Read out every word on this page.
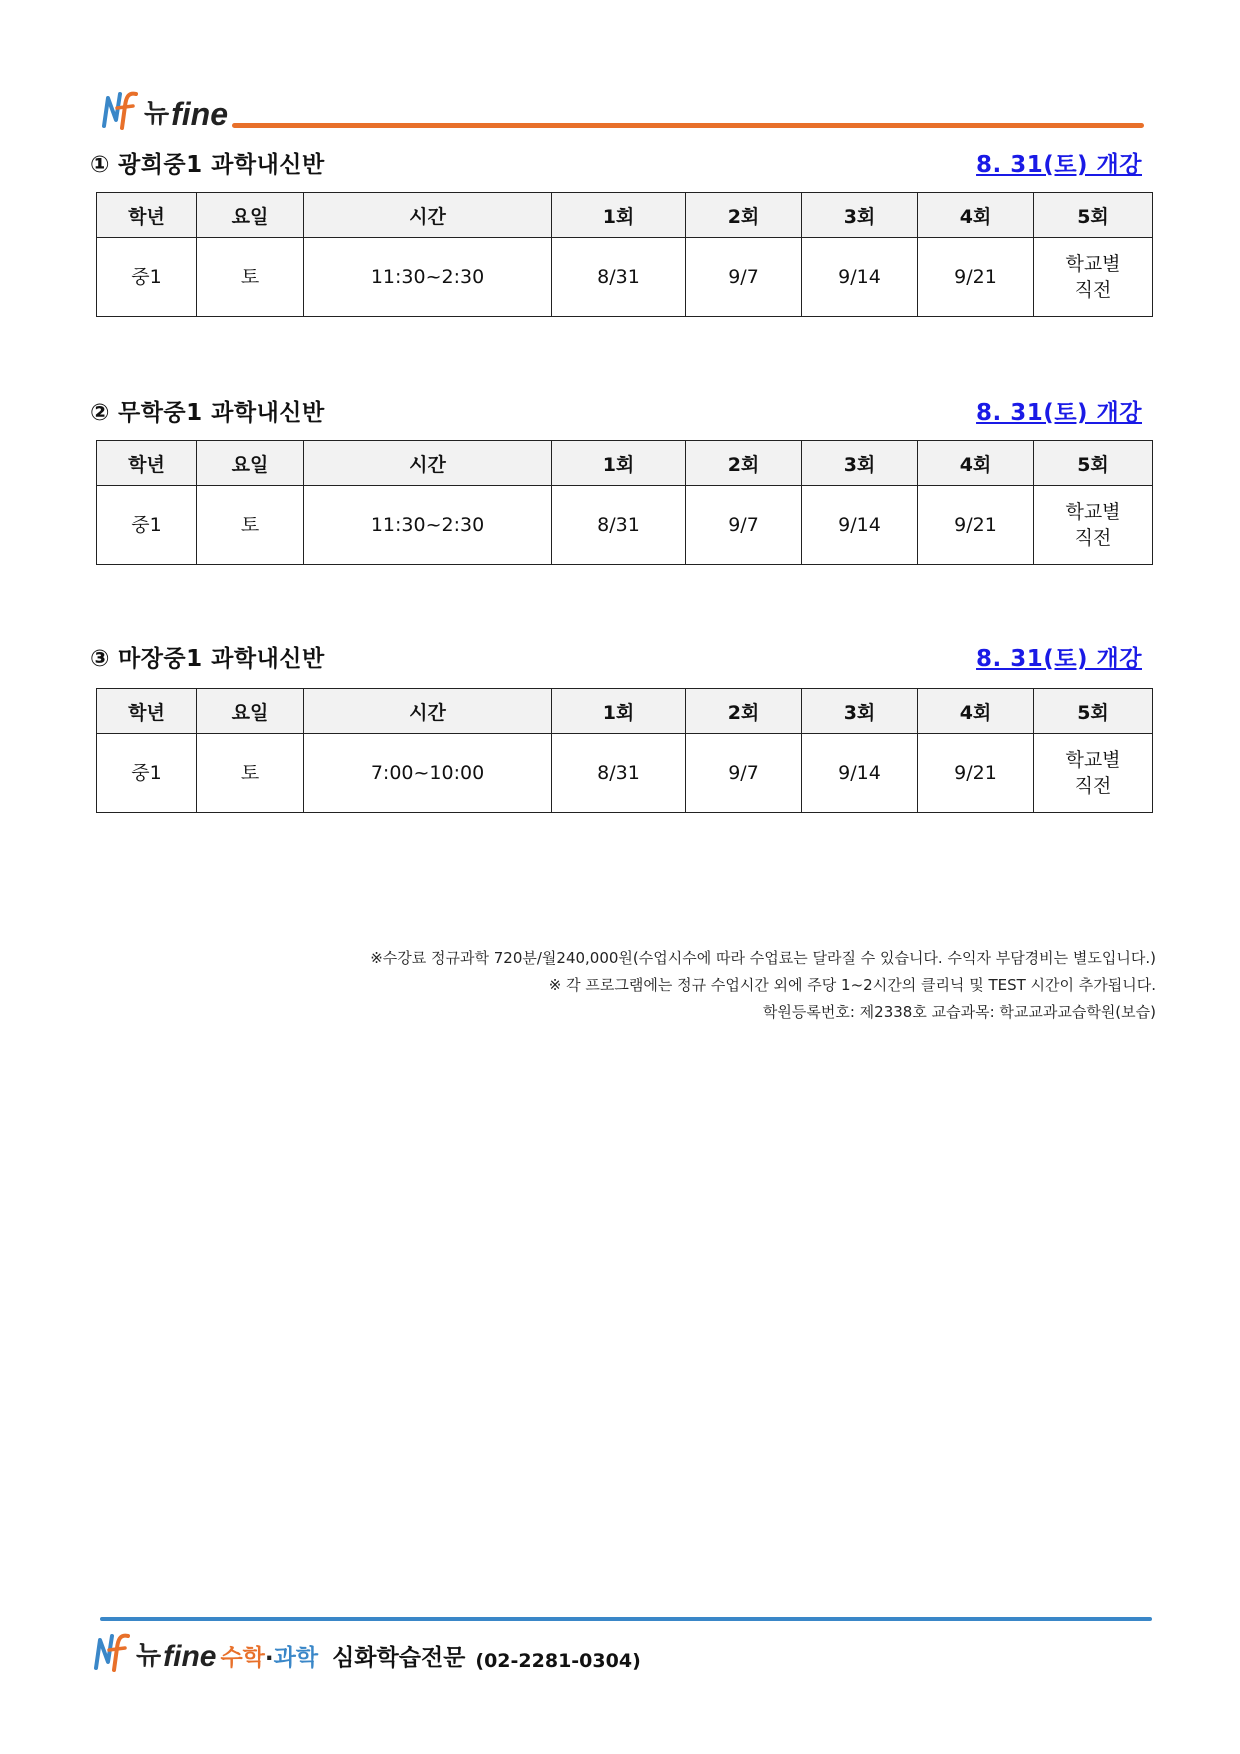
뉴 fine
① 광희중1 과학내신반	8. 31(토) 개강
학년	요일	시간	1회	2회	3회	4회	5회
중1	토	11:30~2:30	8/31	9/7	9/14	9/21	학교별
직전
② 무학중1 과학내신반	8. 31(토) 개강
학년	요일	시간	1회	2회	3회	4회	5회
중1	토	11:30~2:30	8/31	9/7	9/14	9/21	학교별
직전
③ 마장중1 과학내신반	8. 31(토) 개강
학년	요일	시간	1회	2회	3회	4회	5회
중1	토	7:00~10:00	8/31	9/7	9/14	9/21	학교별
직전
※수강료 정규과학 720분/월240,000원(수업시수에 따라 수업료는 달라질 수 있습니다. 수익자 부담경비는 별도입니다.)
※ 각 프로그램에는 정규 수업시간 외에 주당 1~2시간의 클리닉 및 TEST 시간이 추가됩니다.
학원등록번호: 제2338호 교습과목: 학교교과교습학원(보습)
뉴 fine 수학 · 과학 심화학습전문 (02-2281-0304)
